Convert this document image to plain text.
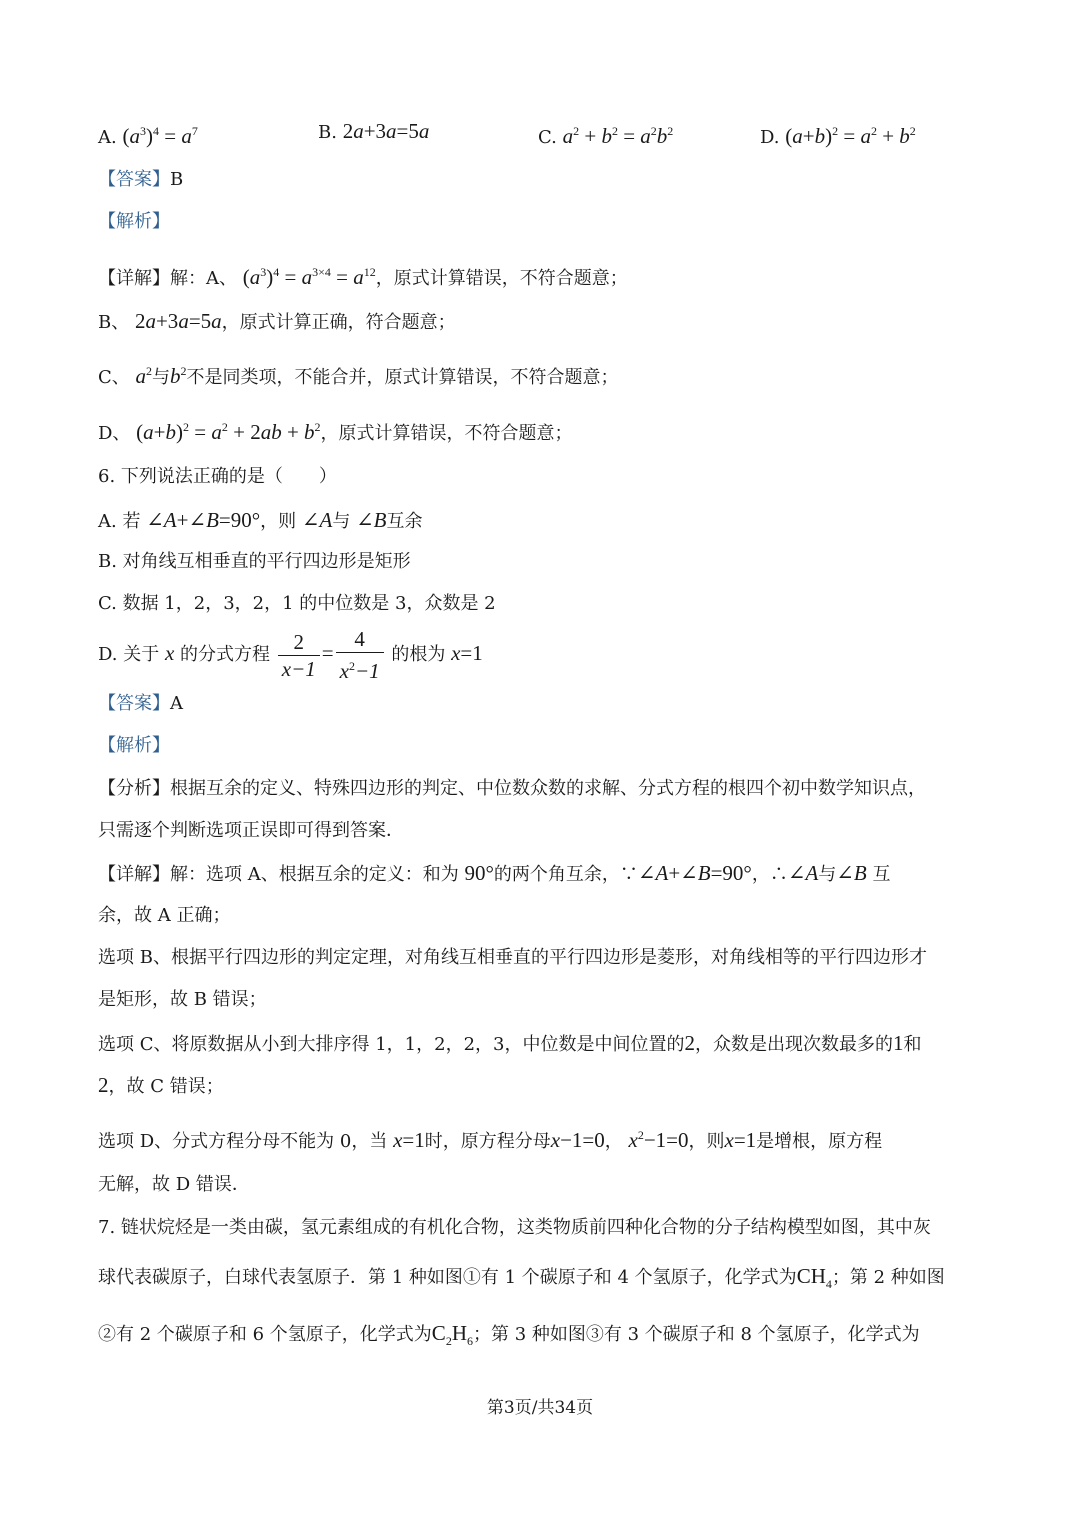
A. $(a^3)^4 = a^7$	B. 2a+3a=5a	C. $a^2 + b^2 = a^2b^2$	D. $(a+b)^2 = a^2 + b^2$
【答案】B
【解析】
【详解】解：A、 $(a^3)^4 = a^{3\times 4} = a^{12}$，原式计算错误，不符合题意；
B、 2a+3a=5a，原式计算正确，符合题意；
C、 $a^2$与$b^2$不是同类项，不能合并，原式计算错误，不符合题意；
D、 $(a+b)^2 = a^2 + 2ab + b^2$，原式计算错误，不符合题意；
6. 下列说法正确的是（　　）
A. 若 ∠A+∠B=90°，则 ∠A与 ∠B互余
B. 对角线互相垂直的平行四边形是矩形
C. 数据 1，2，3，2，1 的中位数是 3，众数是 2
D. 关于 x 的分式方程 $\frac{2}{x-1} = \frac{4}{x^2-1}$ 的根为 x=1
【答案】A
【解析】
【分析】根据互余的定义、特殊四边形的判定、中位数众数的求解、分式方程的根四个初中数学知识点，
只需逐个判断选项正误即可得到答案．
【详解】解：选项 A、根据互余的定义：和为 90°的两个角互余，∵∠A+∠B=90°，∴∠A与∠B 互
余，故 A 正确；
选项 B、根据平行四边形的判定定理，对角线互相垂直的平行四边形是菱形，对角线相等的平行四边形才
是矩形，故 B 错误；
选项 C、将原数据从小到大排序得 1，1，2，2，3，中位数是中间位置的2，众数是出现次数最多的1和
2，故 C 错误；
选项 D、分式方程分母不能为 0，当 x=1时，原方程分母x−1=0， $x^2-1=0$，则x=1是增根，原方程
无解，故 D 错误．
7. 链状烷烃是一类由碳，氢元素组成的有机化合物，这类物质前四种化合物的分子结构模型如图，其中灰
球代表碳原子，白球代表氢原子．第 1 种如图①有 1 个碳原子和 4 个氢原子，化学式为$CH_4$；第 2 种如图
②有 2 个碳原子和 6 个氢原子，化学式为$C_2H_6$；第 3 种如图③有 3 个碳原子和 8 个氢原子，化学式为
第3页/共34页
